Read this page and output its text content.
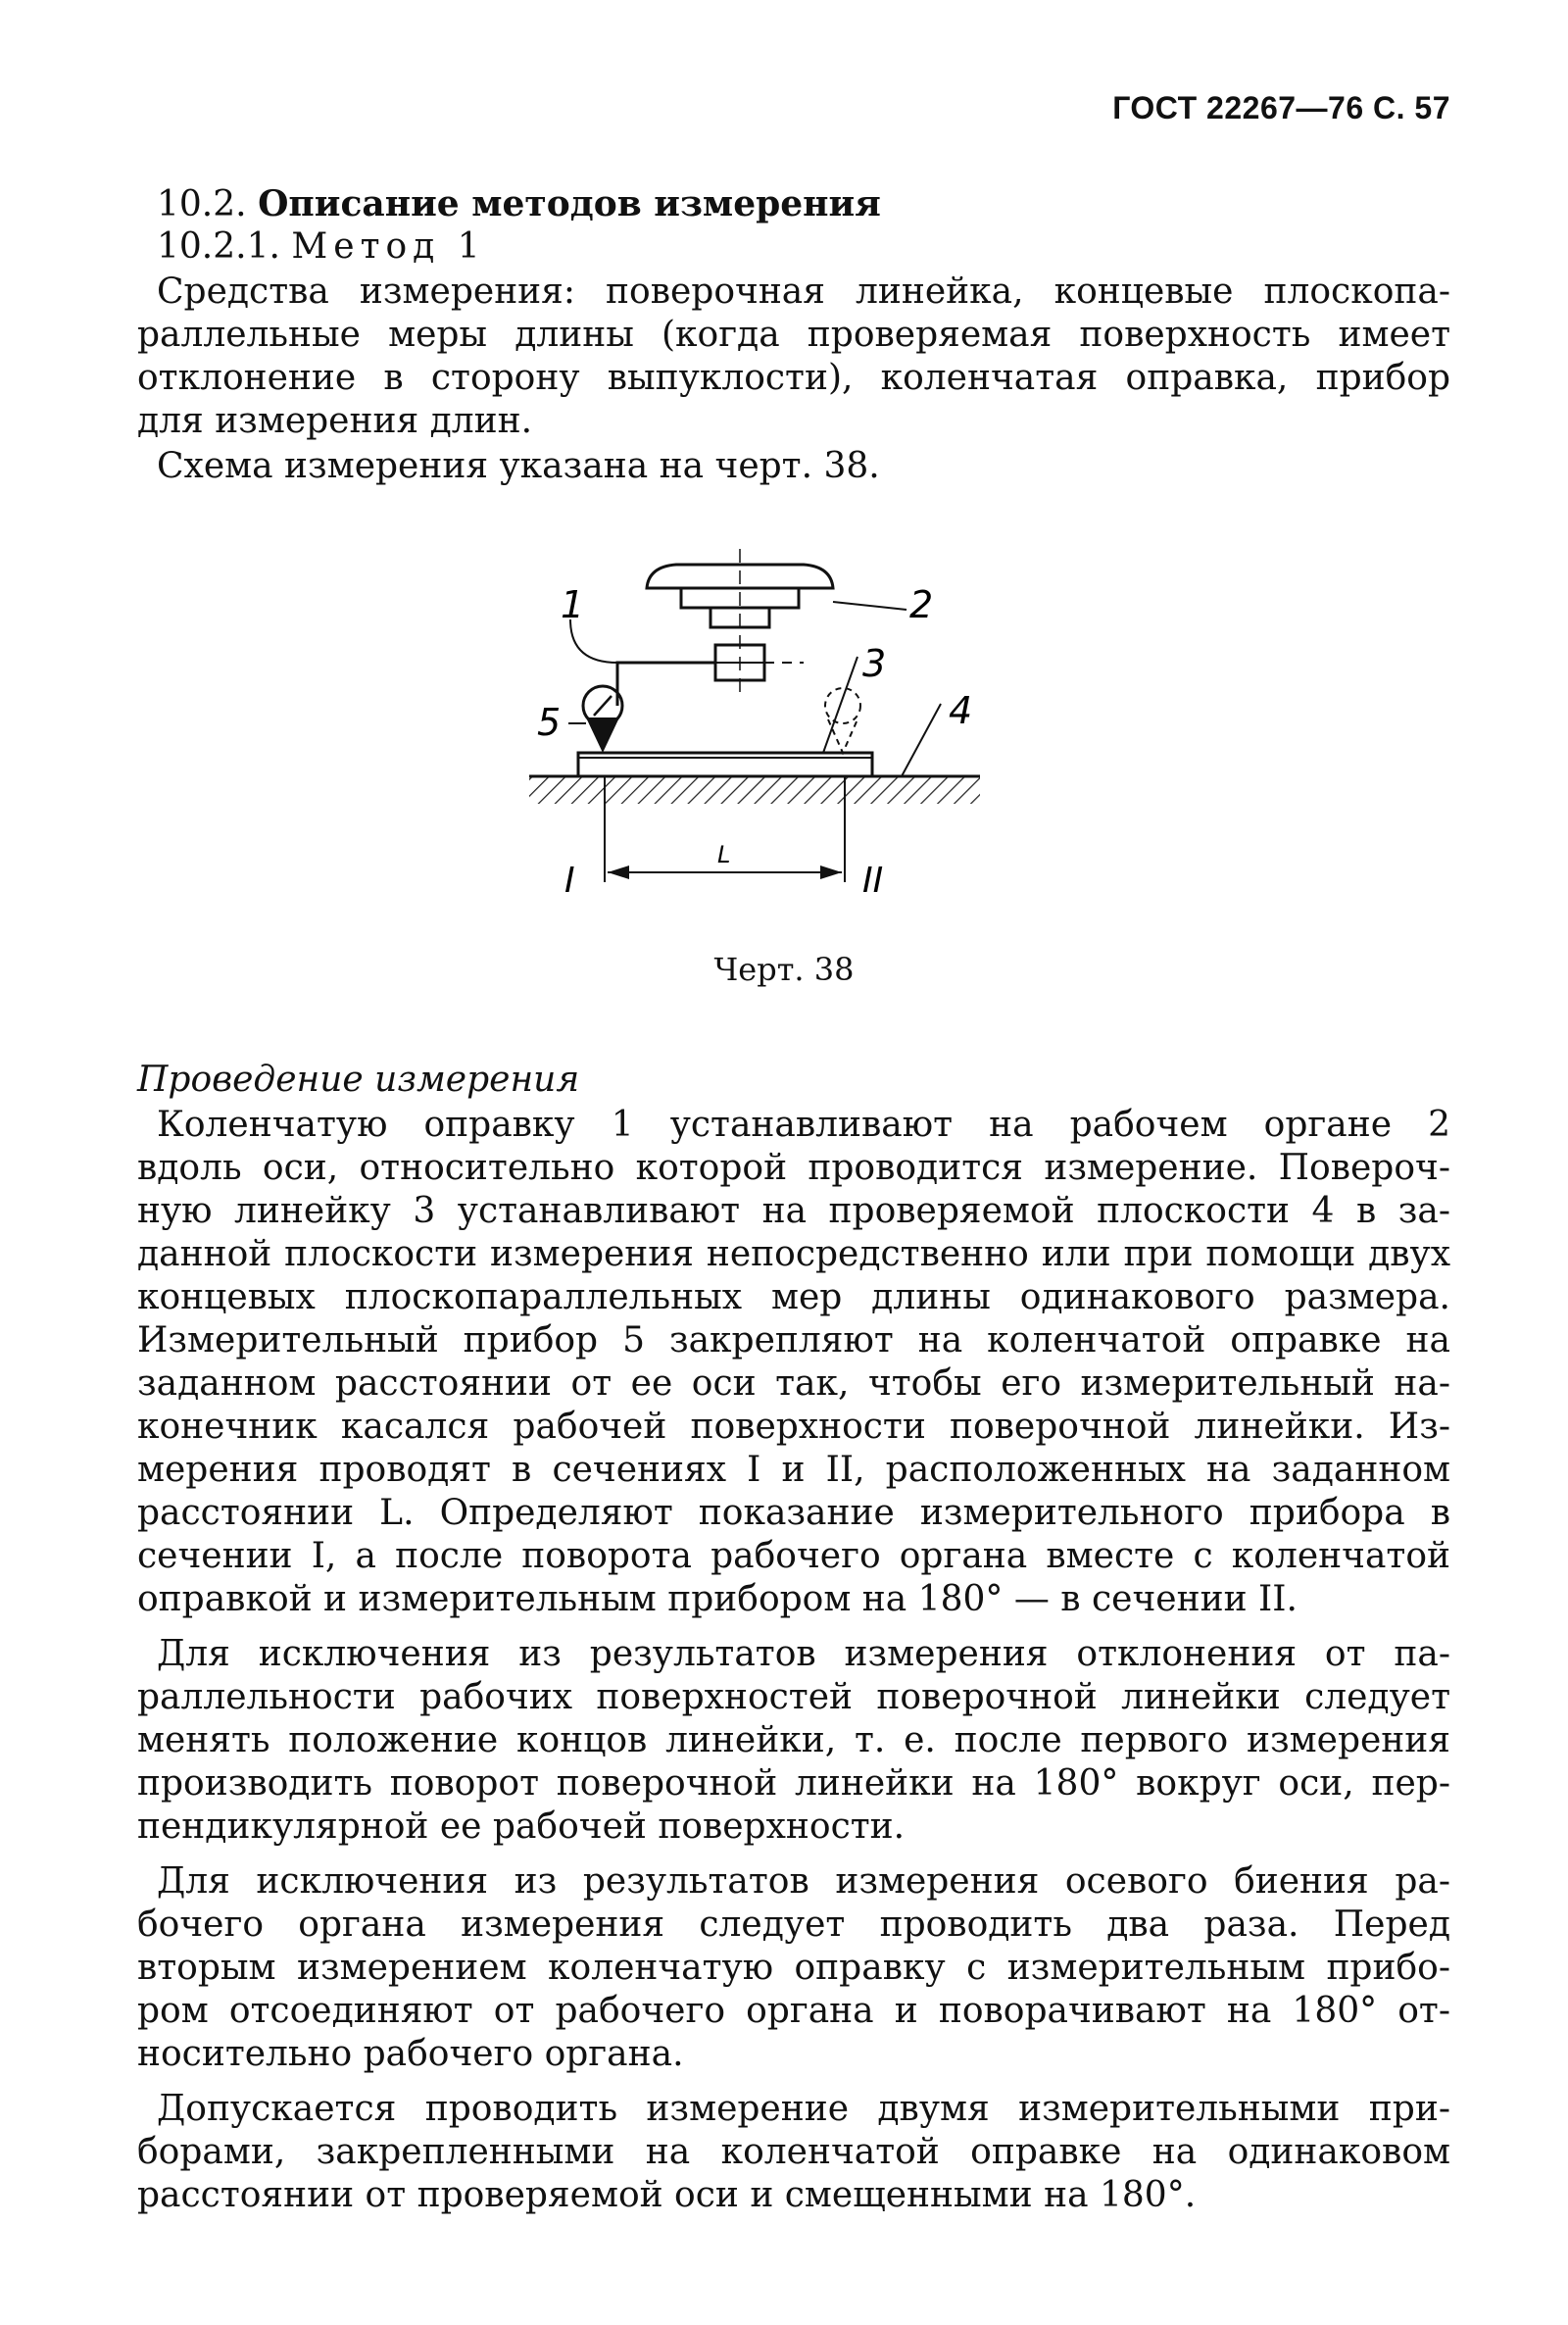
ГОСТ 22267—76 С. 57
10.2. Описание методов измерения
10.2.1. Метод 1
Средства измерения: поверочная линейка, концевые плоскопа-
раллельные меры длины (когда проверяемая поверхность имеет
отклонение в сторону выпуклости), коленчатая оправка, прибор
для измерения длин.
Схема измерения указана на черт. 38.
1	2
3
4
5
I	II
L
Черт. 38
Проведение измерения
Коленчатую оправку 1 устанавливают на рабочем органе 2
вдоль оси, относительно которой проводится измерение. Повероч-
ную линейку 3 устанавливают на проверяемой плоскости 4 в за-
данной плоскости измерения непосредственно или при помощи двух
концевых плоскопараллельных мер длины одинакового размера.
Измерительный прибор 5 закрепляют на коленчатой оправке на
заданном расстоянии от ее оси так, чтобы его измерительный на-
конечник касался рабочей поверхности поверочной линейки. Из-
мерения проводят в сечениях I и II, расположенных на заданном
расстоянии L. Определяют показание измерительного прибора в
сечении I, а после поворота рабочего органа вместе с коленчатой
оправкой и измерительным прибором на 180° — в сечении II.
Для исключения из результатов измерения отклонения от па-
раллельности рабочих поверхностей поверочной линейки следует
менять положение концов линейки, т. е. после первого измерения
производить поворот поверочной линейки на 180° вокруг оси, пер-
пендикулярной ее рабочей поверхности.
Для исключения из результатов измерения осевого биения ра-
бочего органа измерения следует проводить два раза. Перед
вторым измерением коленчатую оправку с измерительным прибо-
ром отсоединяют от рабочего органа и поворачивают на 180° от-
носительно рабочего органа.
Допускается проводить измерение двумя измерительными при-
борами, закрепленными на коленчатой оправке на одинаковом
расстоянии от проверяемой оси и смещенными на 180°.
